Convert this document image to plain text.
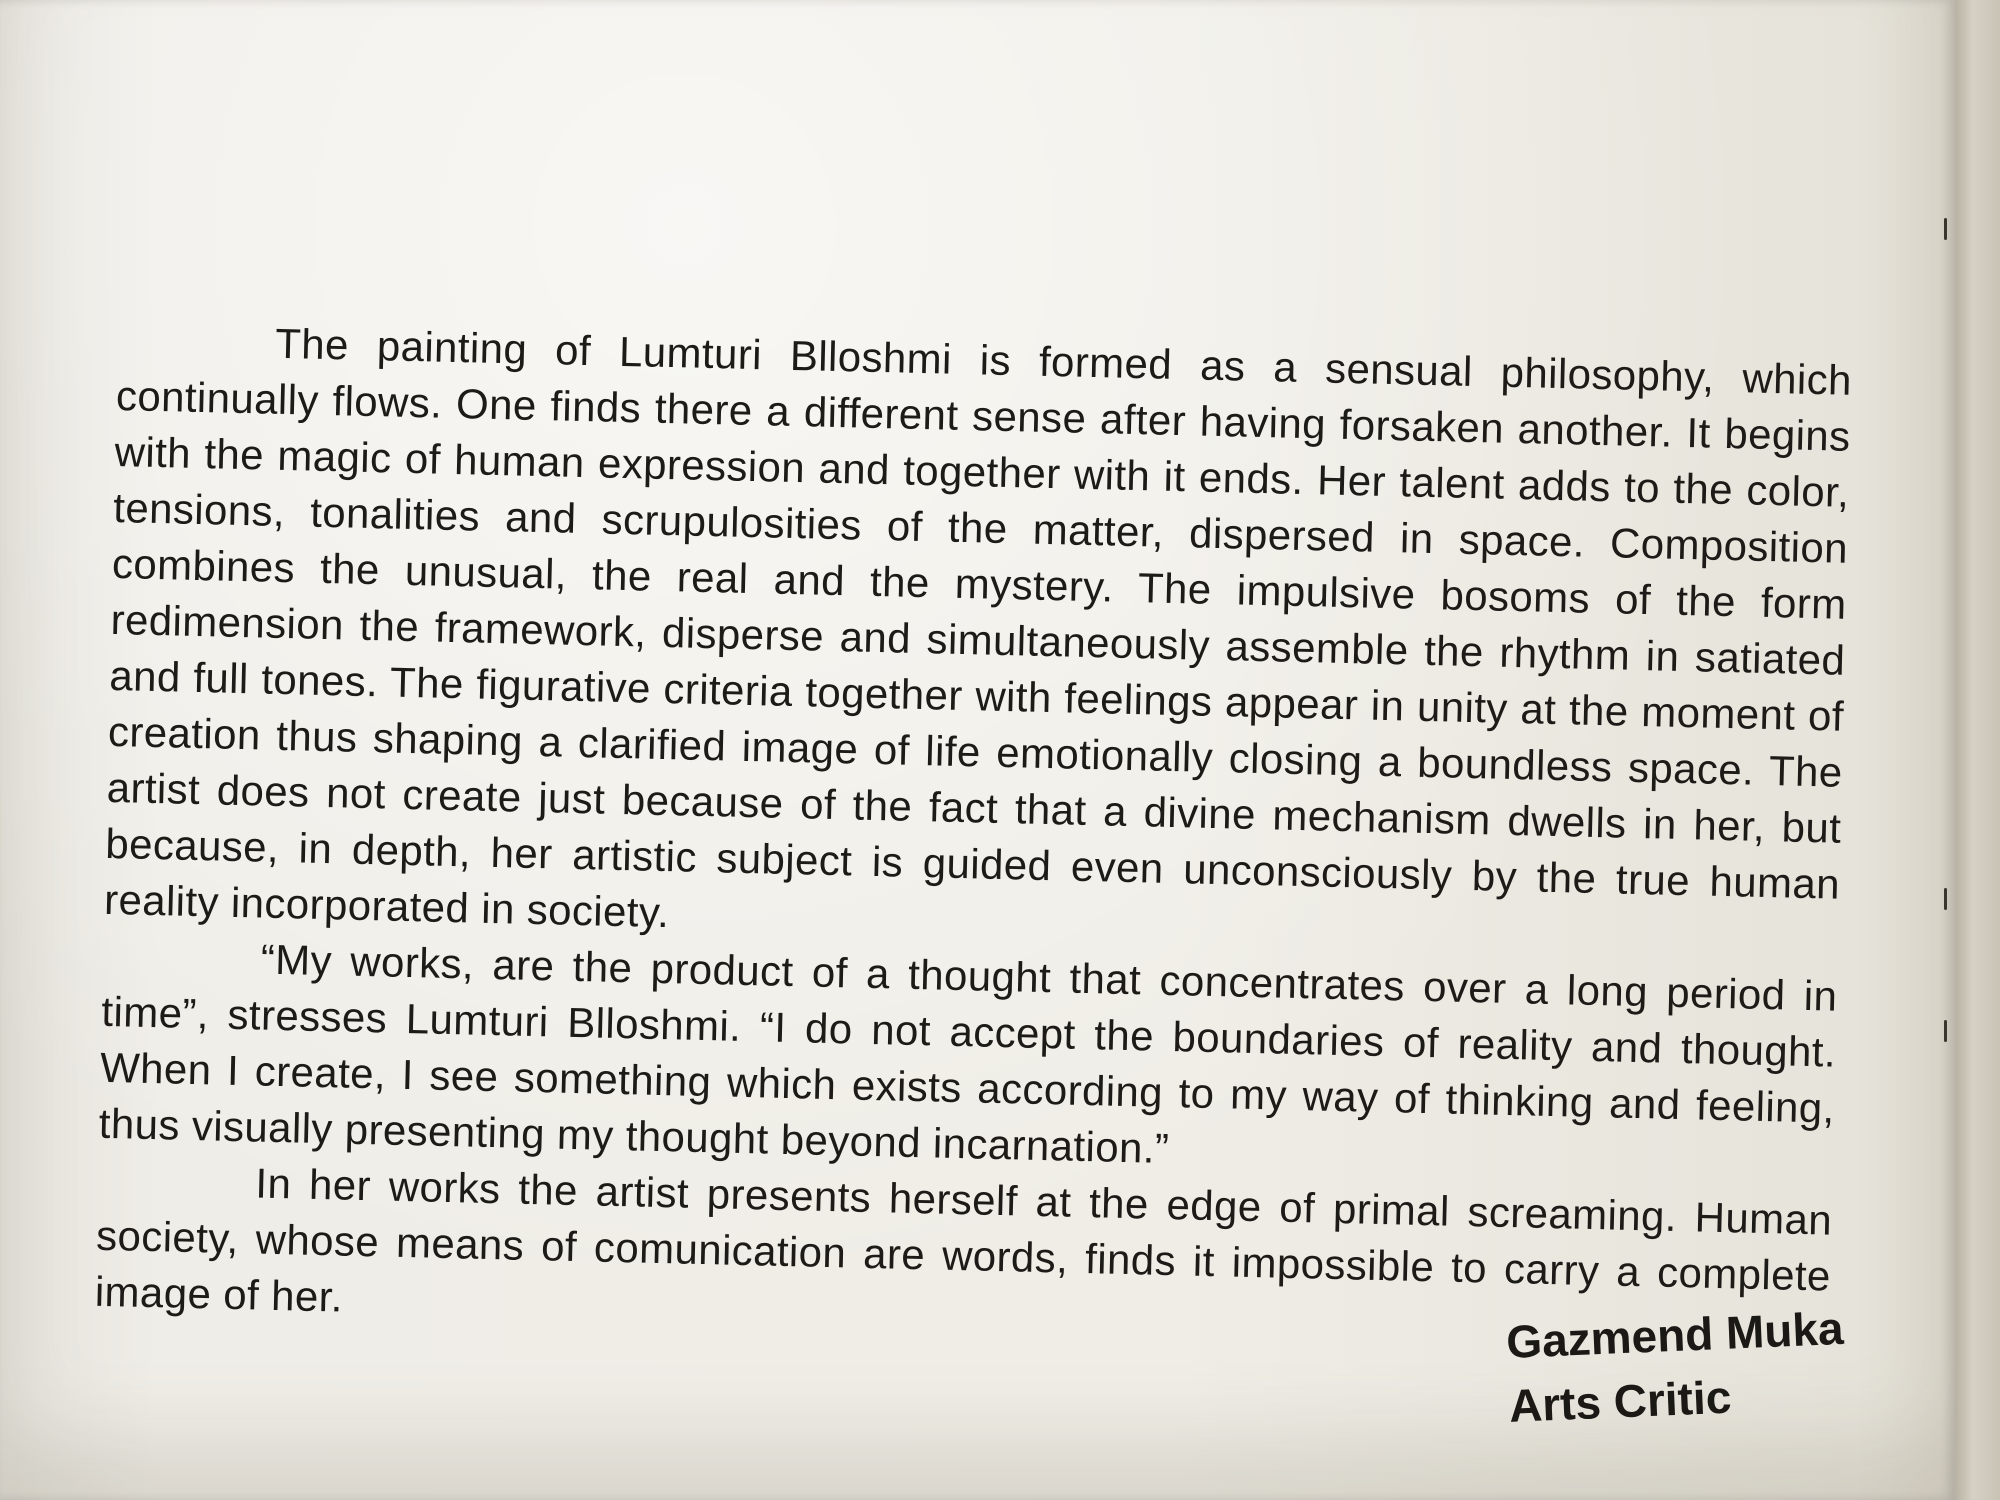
The painting of Lumturi Blloshmi is formed as a sensual philosophy, which continually flows. One finds there a different sense after having forsaken another. It begins with the magic of human expression and together with it ends. Her talent adds to the color, tensions, tonalities and scrupulosities of the matter, dispersed in space. Composition combines the unusual, the real and the mystery. The impulsive bosoms of the form redimension the framework, disperse and simultaneously assemble the rhythm in satiated and full tones. The figurative criteria together with feelings appear in unity at the moment of creation thus shaping a clarified image of life emotionally closing a boundless space. The artist does not create just because of the fact that a divine mechanism dwells in her, but because, in depth, her artistic subject is guided even unconsciously by the true human reality incorporated in society.

“My works, are the product of a thought that concentrates over a long period in time”, stresses Lumturi Blloshmi. “I do not accept the boundaries of reality and thought. When I create, I see something which exists according to my way of thinking and feeling, thus visually presenting my thought beyond incarnation.”

In her works the artist presents herself at the edge of primal screaming. Human society, whose means of comunication are words, finds it impossible to carry a complete image of her.

Gazmend Muka
Arts Critic
